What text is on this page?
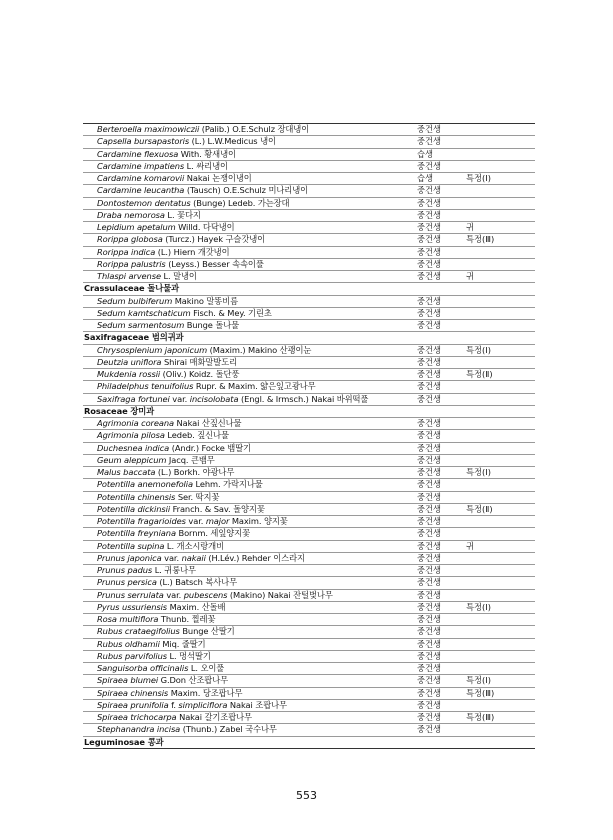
Berteroella maximowiczii (Palib.) O.E.Schulz 장대냉이	중건생
Capsella bursapastoris (L.) L.W.Medicus 냉이	중건생
Cardamine flexuosa With. 황새냉이	습생
Cardamine impatiens L. 싸리냉이	중건생
Cardamine komarovii Nakai 논쟁이냉이	습생	특정(Ⅰ)
Cardamine leucantha (Tausch) O.E.Schulz 미나리냉이	중건생
Dontostemon dentatus (Bunge) Ledeb. 가는장대	중건생
Draba nemorosa L. 꽃다지	중건생
Lepidium apetalum Willd. 다닥냉이	중건생	귀
Rorippa globosa (Turcz.) Hayek 구슬갓냉이	중건생	특정(Ⅲ)
Rorippa indica (L.) Hiern 개갓냉이	중건생
Rorippa palustris (Leyss.) Besser 속속이풀	중건생
Thlaspi arvense L. 말냉이	중건생	귀
Crassulaceae 돌나물과
Sedum bulbiferum Makino 말똥비름	중건생
Sedum kamtschaticum Fisch. & Mey. 기린초	중건생
Sedum sarmentosum Bunge 돌나물	중건생
Saxifragaceae 범의귀과
Chrysosplenium japonicum (Maxim.) Makino 산괭이눈	중건생	특정(Ⅰ)
Deutzia uniflora Shirai 매화말발도리	중건생
Mukdenia rossii (Oliv.) Koidz. 돌단풍	중건생	특정(Ⅱ)
Philadelphus tenuifolius Rupr. & Maxim. 얇은잎고광나무	중건생
Saxifraga fortunei var. incisolobata (Engl. & Irmsch.) Nakai 바위떡풀	중건생
Rosaceae 장미과
Agrimonia coreana Nakai 산짚신나물	중건생
Agrimonia pilosa Ledeb. 짚신나물	중건생
Duchesnea indica (Andr.) Focke 뱀딸기	중건생
Geum aleppicum Jacq. 큰뱀무	중건생
Malus baccata (L.) Borkh. 야광나무	중건생	특정(Ⅰ)
Potentilla anemonefolia Lehm. 가락지나물	중건생
Potentilla chinensis Ser. 딱지꽃	중건생
Potentilla dickinsii Franch. & Sav. 돌양지꽃	중건생	특정(Ⅱ)
Potentilla fragarioides var. major Maxim. 양지꽃	중건생
Potentilla freyniana Bornm. 세잎양지꽃	중건생
Potentilla supina L. 개소시랑개비	중건생	귀
Prunus japonica var. nakaii (H.Lév.) Rehder 이스라지	중건생
Prunus padus L. 귀룽나무	중건생
Prunus persica (L.) Batsch 복사나무	중건생
Prunus serrulata var. pubescens (Makino) Nakai 잔털벚나무	중건생
Pyrus ussuriensis Maxim. 산돌배	중건생	특정(Ⅰ)
Rosa multiflora Thunb. 찔레꽃	중건생
Rubus crataegifolius Bunge 산딸기	중건생
Rubus oldhamii Miq. 줄딸기	중건생
Rubus parvifolius L. 멍석딸기	중건생
Sanguisorba officinalis L. 오이풀	중건생
Spiraea blumei G.Don 산조팝나무	중건생	특정(Ⅰ)
Spiraea chinensis Maxim. 당조팝나무	중건생	특정(Ⅲ)
Spiraea prunifolia f. simpliciflora Nakai 조팝나무	중건생
Spiraea trichocarpa Nakai 갈기조팝나무	중건생	특정(Ⅲ)
Stephanandra incisa (Thunb.) Zabel 국수나무	중건생
Leguminosae 콩과
553
